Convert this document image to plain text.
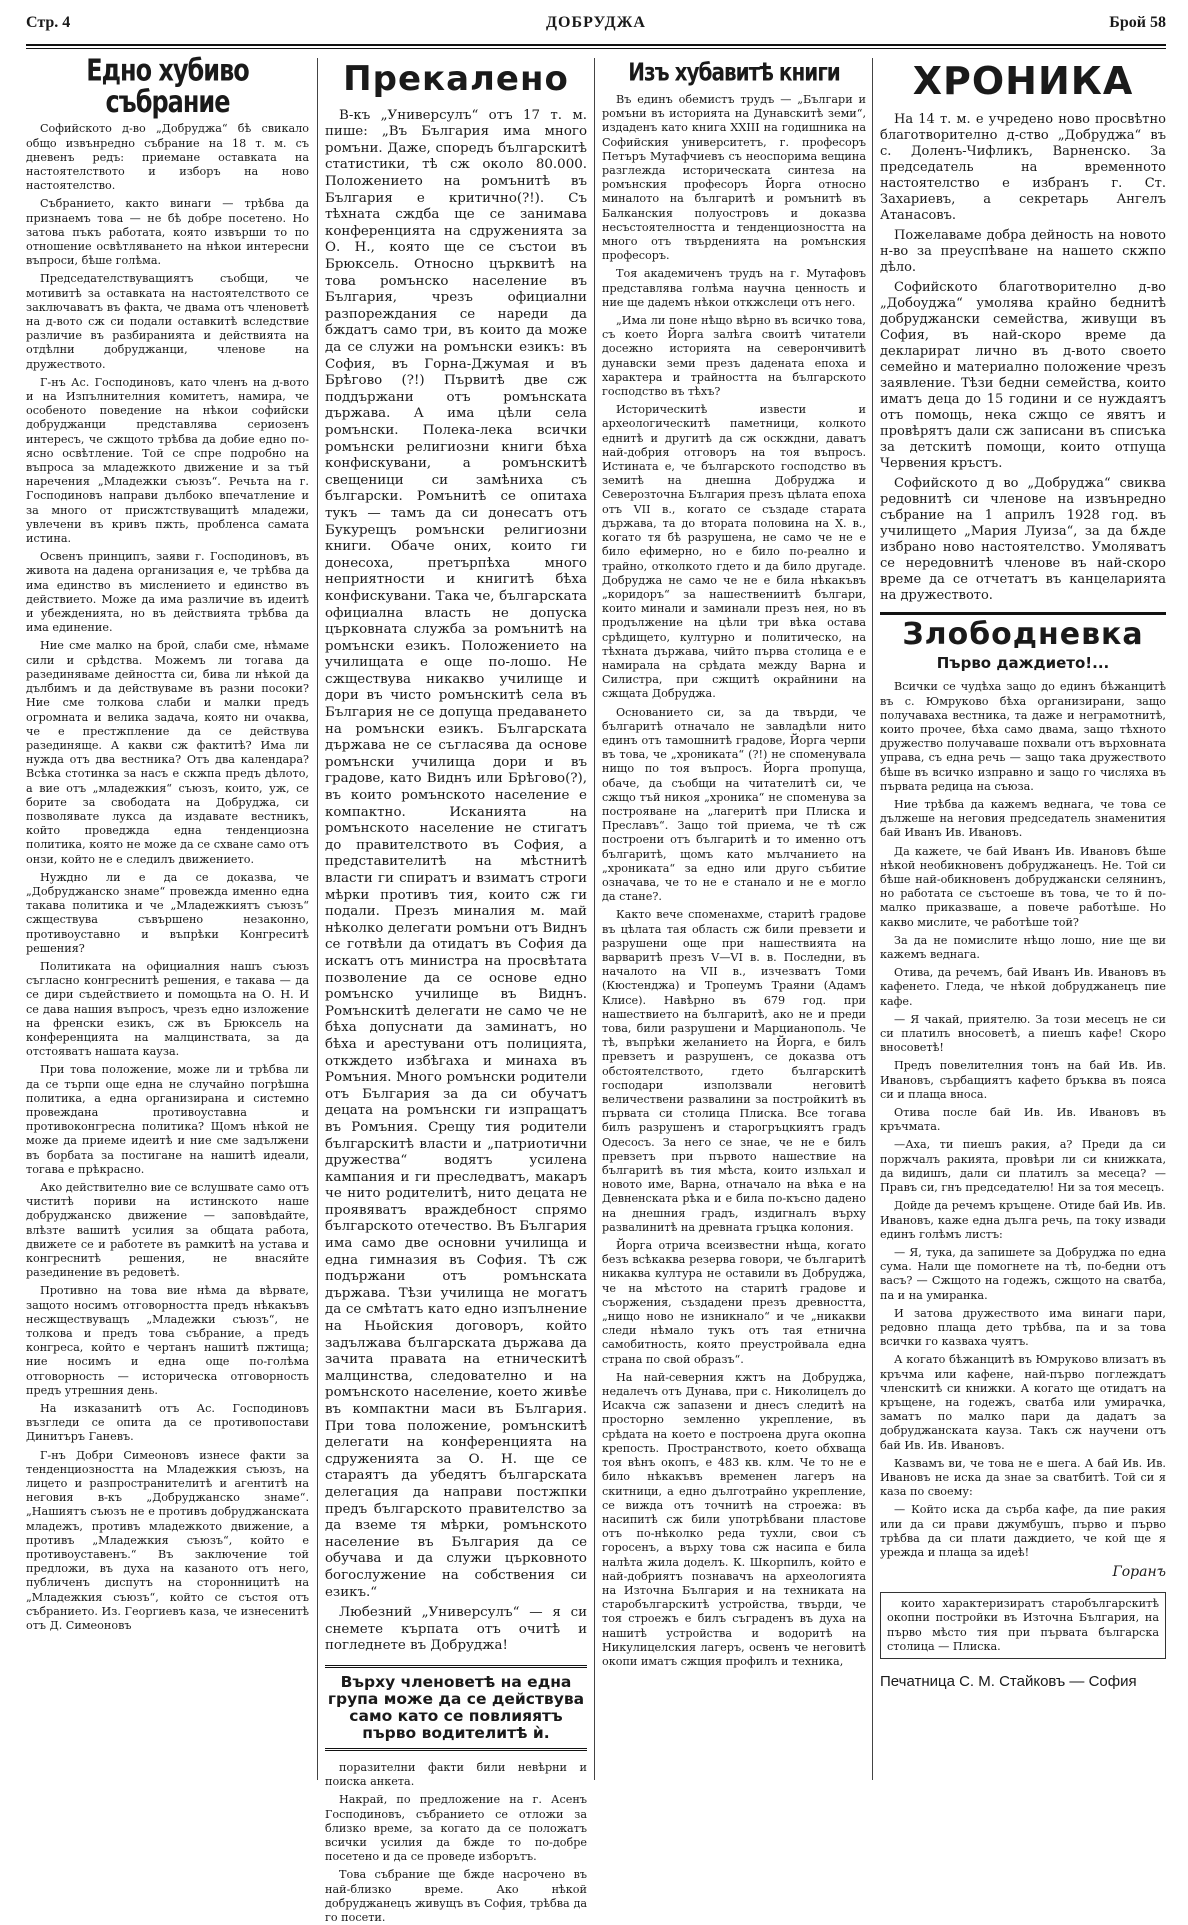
Стр. 4	ДОБРУДЖА	Брой 58
Едно хубиво събрание

Софийското д-во „Добруджа“ бѣ свикало общо извънредно събрание на 18 т. м. съ дневенъ редъ: приемане оставката на настоятелството и изборъ на ново настоятелство.

Събранието, както винаги — трѣбва да признаемъ това — не бѣ добре посетено. Но затова пъкъ работата, която извърши то по отношение освѣтляването на нѣкои интересни въпроси, бѣше голѣма.

Председателствуващиятъ съобщи, че мотивитѣ за оставката на настоятелството се заключаватъ въ факта, че двама отъ членоветѣ на д-вото сж си подали оставкитѣ вследствие различие въ разбиранията и действията на отдѣлни добруджанци, членове на дружеството.

Г-нъ Ас. Господиновъ, като членъ на д-вото и на Изпълнителния комитетъ, намира, че особеното поведение на нѣкои софийски добруджанци представлява сериозенъ интересъ, че сжщото трѣбва да добие едно по-ясно освѣтление. Той се спре подробно на въпроса за младежкото движение и за тъй наречения „Младежки съюзъ“. Речьта на г. Господиновъ направи дълбоко впечатление и за много от присжтствуващитѣ младежи, увлечени въ кривъ пжть, пробленса самата истина.

Освенъ принципъ, заяви г. Господиновъ, въ живота на дадена организация е, че трѣбва да има единство въ мислението и единство въ действието. Може да има различие въ идеитѣ и убежденията, но въ действията трѣбва да има единение.

Ние сме малко на брой, слаби сме, нѣмаме сили и срѣдства. Можемъ ли тогава да разединяваме дейността си, бива ли нѣкой да дълбимъ и да действуваме въ разни посоки? Ние сме толкова слаби и малки предъ огромната и велика задача, която ни очаква, че е престжпление да се действува разединяще. А какви сж фактитѣ? Има ли нужда отъ два вестника? Отъ два календара? Всѣка стотинка за насъ е скжпа предъ дѣлото, а вие отъ „младежкия“ съюзъ, които, уж, се борите за свободата на Добруджа, си позволявате лукса да издавате вестникъ, който проведжда една тенденциозна политика, която не може да се схване само отъ онзи, който не е следилъ движението.

Нуждно ли е да се доказва, че „Добруджанско знаме“ провежда именно една такава политика и че „Младежкиятъ съюзъ“ сжществува съвършено незаконно, противоуставно и въпрѣки Конгреситѣ решения?

Политиката на официалния нашъ съюзъ съгласно конгреснитѣ решения, е такава — да се дири съдействието и помощьта на О. Н. И се дава нашия въпросъ, чрезъ едно изложение на френски езикъ, сж въ Брюксель на конференцията на малцинствата, за да отстояватъ нашата кауза.

При това положение, може ли и трѣбва ли да се търпи още една не случайно погрѣшна политика, а една организирана и системно провеждана противоуставна и противоконгресна политика? Щомъ нѣкой не може да приеме идеитѣ и ние сме задължени въ борбата за постигане на нашитѣ идеали, тогава е прѣкрасно.

Ако действително вие се вслушвате само отъ чиститѣ пориви на истинското наше добруджанско движение — заповѣдайте, влѣзте вашитѣ усилия за общата работа, движете се и работете въ рамкитѣ на устава и конгреснитѣ решения, не внасяйте разединение въ редоветѣ.

Противно на това вие нѣма да вѣрвате, защото носимъ отговорността предъ нѣкакъвъ несжществуващъ „Младежки съюзъ“, не толкова и предъ това събрание, а предъ конгреса, който е чертанъ нашитѣ пжтища; ние носимъ и една още по-голѣма отговорность — историческа отговорность предъ утрешния день.

На изказанитѣ отъ Ас. Господиновъ възгледи се опита да се противопостави Динитъръ Ганевъ.

Г-нъ Добри Симеоновъ изнесе факти за тенденциозността на Младежкия съюзъ, на лицето и разпространителитѣ и агентитѣ на неговия в-къ „Добруджанско знаме“. „Нашиятъ съюзъ не е противъ добруджанската младежъ, противъ младежкото движение, а противъ „Младежкия съюзъ“, който е противоуставенъ.“ Въ заключение той предложи, въ духа на казаното отъ него, публиченъ диспутъ на сторонницитѣ на „Младежкия съюзъ“, който се състоя отъ събранието. Из. Георгиевъ каза, че изнесенитѣ отъ Д. Симеоновъ

Прекалено

В-къ „Универсулъ“ отъ 17 т. м. пише: „Въ България има много ромъни. Даже, споредъ българскитѣ статистики, тѣ сж около 80.000. Положението на ромънитѣ въ България е критично(?!). Съ тѣхната сждба ще се занимава конференцията на сдруженията за О. Н., която ще се състои въ Брюксель. Относно църквитѣ на това ромънско население въ България, чрезъ официални разпореждания се нареди да бждатъ само три, въ които да може да се служи на ромънски езикъ: въ София, въ Горна-Джумая и въ Брѣгово (?!) Първитѣ две сж поддържани отъ ромънската държава. А има цѣли села ромънски. Полека-лека всички ромънски религиозни книги бѣха конфискувани, а ромънскитѣ свещеници си замѣниха съ български. Ромънитѣ се опитаха тукъ — тамъ да си донесатъ отъ Букурещъ ромънски религиозни книги. Обаче оних, които ги донесоха, претърпѣха много неприятности и книгитѣ бѣха конфискувани. Така че, българската официална власть не допуска църковната служба за ромънитѣ на ромънски езикъ. Положението на училищата е още по-лошо. Не сжществува никакво училище и дори въ чисто ромънскитѣ села въ България не се допуща предаването на ромънски езикъ. Българската държава не се съгласява да основе ромънски училища дори и въ градове, като Виднъ или Брѣгово(?), въ които ромънското население е компактно. Исканията на ромънското население не стигатъ до правителството въ София, а представителитѣ на мѣстнитѣ власти ги спиратъ и взиматъ строги мѣрки противъ тия, които сж ги подали. Презъ миналия м. май нѣколко делегати ромъни отъ Виднъ се готвѣли да отидатъ въ София да искатъ отъ министра на просвѣтата позволение да се основе едно ромънско училище въ Виднъ. Ромънскитѣ делегати не само че не бѣха допуснати да заминатъ, но бѣха и арестувани отъ полицията, откждето избѣгаха и минаха въ Ромъния. Много ромънски родители отъ България за да си обучатъ децата на ромънски ги изпращатъ въ Ромъния. Срещу тия родители българскитѣ власти и „патриотични дружества“ водятъ усилена кампания и ги преследватъ, макаръ че нито родителитѣ, нито децата не проявяватъ враждебност спрямо българското отечество. Въ България има само две основни училища и една гимназия въ София. Тѣ сж подържани отъ ромънската държава. Тѣзи училища не могатъ да се смѣтатъ като едно изпълнение на Ньойския договоръ, който задължава българската държава да зачита правата на етническитѣ малцинства, следователно и на ромънското население, което живѣе въ компактни маси въ България. При това положение, ромънскитѣ делегати на конференцията на сдруженията за О. Н. ще се стараятъ да убедятъ българската делегация да направи постжпки предъ българското правителство за да вземе тя мѣрки, ромънското население въ България да се обучава и да служи църковното богослужение на собствения си езикъ.“

Любезний „Универсулъ“ — я си снемете кърпата отъ очитѣ и погледнете въ Добруджа!

Върху членоветѣ на една група може да се действува само като се повлияятъ първо водителитѣ ѝ.

поразителни факти били невѣрни и поиска анкета.

Накрай, по предложение на г. Асенъ Господиновъ, събранието се отложи за близко време, за когато да се положатъ всички усилия да бжде то по-добре посетено и да се проведе изборътъ.

Това събрание ще бжде насрочено въ най-близко време. Ако нѣкой добруджанецъ живущъ въ София, трѣбва да го посети.

Изъ хубавитѣ книги

Въ единъ обемистъ трудъ — „Българи и ромъни въ историята на Дунавскитѣ земи“, издаденъ като книга XXIII на годишника на Софийския университетъ, г. професоръ Петъръ Мутафчиевъ съ неоспорима вещина разглежда историческата синтеза на ромънския професоръ Йорга относно миналото на българитѣ и ромънитѣ въ Балканския полуостровъ и доказва несъстоятелността и тенденциозността на много отъ твърденията на ромънския професоръ.

Тоя академиченъ трудъ на г. Мутафовъ представлява голѣма научна ценность и ние ще дадемъ нѣкои откжслеци отъ него.

„Има ли поне нѣщо вѣрно въ всичко това, съ което Йорга залѣга своитѣ читатели досежно историята на северончивитѣ дунавски земи презъ дадената епоха и характера и трайността на българското господство въ тѣхъ?

Историческитѣ извести и археологическитѣ паметници, колкото еднитѣ и другитѣ да сж оскждни, даватъ най-добрия отговоръ на тоя въпросъ. Истината е, че българското господство въ земитѣ на днешна Добруджа и Северозточна България презъ цѣлата епоха отъ VII в., когато се създаде старата държава, та до втората половина на X. в., когато тя бѣ разрушена, не само че не е било ефимерно, но е било по-реално и трайно, отколкото гдето и да било другаде. Добруджа не само че не е била нѣкакъвъ „коридоръ“ за нашествениитѣ българи, които минали и заминали презъ нея, но въ продължение на цѣли три вѣка остава срѣдището, културно и политическо, на тѣхната държава, чийто първа столица е е намирала на срѣдата между Варна и Силистра, при сжщитѣ окрайнини на сжщата Добруджа.

Основанието си, за да твърди, че българитѣ отначало не завладѣли нито единъ отъ тамошнитѣ градове, Йорга черпи въ това, че „хрониката“ (?!) не споменувала нищо по тоя въпросъ. Йорга пропуща, обаче, да съобщи на читателитѣ си, че сжщо тъй никоя „хроника“ не споменува за построяване на „лагеритѣ при Плиска и Преславъ“. Защо той приема, че тѣ сж построени отъ българитѣ и то именно отъ българитѣ, щомъ като мълчанието на „хрониката“ за едно или друго събитие означава, че то не е станало и не е могло да стане?.

Както вече споменахме, старитѣ градове въ цѣлата тая область сж били превзети и разрушени още при нашествията на варваритѣ презъ V—VI в. в. Последни, въ началото на VII в., изчезватъ Томи (Кюстенджа) и Тропеумъ Траяни (Адамъ Клисе). Навѣрно въ 679 год. при нашествието на българитѣ, ако не и преди това, били разрушени и Марцианополь. Че тѣ, въпрѣки желанието на Йорга, е билъ превзетъ и разрушенъ, се доказва отъ обстоятелството, гдето българскитѣ господари използвали неговитѣ величествени развалини за постройкитѣ въ първата си столица Плиска. Все тогава билъ разрушенъ и старогръцкиятъ градъ Одесосъ. За него се знае, че не е билъ превзетъ при първото нашествие на българитѣ въ тия мѣста, които изльхал и новото име, Варна, отначало на вѣка е на Девненската рѣка и е била по-късно дадено на днешния градъ, издигналъ върху развалинитѣ на древната гръцка колония.

Йорга отрича всеизвестни нѣща, когато безъ всѣкаква резерва говори, че българитѣ никаква култура не оставили въ Добруджа, че на мѣстото на старитѣ градове и съоржения, създадени презъ древността, „нищо ново не изникнало“ и че „никакви следи нѣмало тукъ отъ тая етнична самобитность, която преустройвала една страна по свой образъ“.

На най-северния кжтъ на Добруджа, недалечъ отъ Дунава, при с. Николицелъ до Исакча сж запазени и днесъ следитѣ на просторно земленно укрепление, въ срѣдата на което е построена друга окопна крепость. Пространството, което обхваща тоя вѣнъ окопъ, е 483 кв. клм. Че то не е било нѣкакъвъ временен лагеръ на скитници, а едно дълготрайно укрепление, се вижда отъ точнитѣ на строежа: въ насипитѣ сж били употрѣбвани пластове отъ по-нѣколко реда тухли, свои съ горосенъ, а върху това сж насипа е била налѣта жила доделъ. К. Шкорпилъ, който е най-добриятъ познавачъ на археологията на Източна България и на техниката на старобългарскитѣ устройства, твърди, че тоя строежъ е билъ съграденъ въ духа на нашитѣ устройства и водоритѣ на Никулицелския лагеръ, освенъ че неговитѣ окопи иматъ сжщия профилъ и техника,

ХРОНИКА

На 14 т. м. е учредено ново просвѣтно благотворително д-ство „Добруджа“ въ с. Доленъ-Чифликъ, Варненско. За председатель на временното настоятелство е избранъ г. Ст. Захариевъ, а секретарь Ангелъ Атанасовъ.

Пожелаваме добра дейность на новото н-во за преуспѣване на нашето скжпо дѣло.

Софийското благотворително д-во „Добоуджа“ умолява крайно беднитѣ добруджански семейства, живущи въ София, въ най-скоро време да декларират лично въ д-вото своето семейно и материално положение чрезъ заявление. Тѣзи бедни семейства, които иматъ деца до 15 години и се нуждаятъ отъ помощь, нека сжщо се явятъ и провѣрятъ дали сж записани въ списъка за детскитѣ помощи, които отпуща Червения кръстъ.

Софийското д во „Добруджа“ свиква редовнитѣ си членове на извънредно събрание на 1 априлъ 1928 год. въ училището „Мария Луиза“, за да бѫде избрано ново настоятелство. Умоляватъ се нередовнитѣ членове въ най-скоро време да се отчетатъ въ канцеларията на дружеството.

Злободневка
Първо даждието!...

Всички се чудѣха защо до единъ бѣжанцитѣ въ с. Юмруково бѣха организирани, защо получаваха вестника, та даже и неграмотнитѣ, които прочее, бѣха само двама, защо тѣхното дружество получаваше похвали отъ върховната управа, съ една речь — защо така дружеството бѣше въ всичко изправно и защо го числяха въ първата редица на съюза.

Ние трѣбва да кажемъ веднага, че това се дължеше на неговия председатель знаменития бай Иванъ Ив. Ивановъ.

Да кажете, че бай Иванъ Ив. Ивановъ бѣше нѣкой необикновенъ добруджанецъ. Не. Той си бѣше най-обикновенъ добруджански селянинъ, но работата се състоеше въ това, че то й по-малко приказваше, а повече работѣше. Но какво мислите, че работѣше той?

За да не помислите нѣщо лошо, ние ще ви кажемъ веднага.

Отива, да речемъ, бай Иванъ Ив. Ивановъ въ кафенето. Гледа, че нѣкой добруджанецъ пие кафе.

— Я чакай, приятелю. За този месецъ не си си платилъ вносоветѣ, а пиешъ кафе! Скоро вносоветѣ!

Предъ повелителния тонъ на бай Ив. Ив. Ивановъ, сърбащиятъ кафето бръква въ пояса си и плаща вноса.

Отива после бай Ив. Ив. Ивановъ въ кръчмата.

—Аха, ти пиешъ ракия, а? Преди да си поржчалъ ракията, провѣри ли си книжката, да видишъ, дали си платилъ за месеца? — Правъ си, гнъ председателю! Ни за тоя месецъ.

Дойде да речемъ кръщене. Отиде бай Ив. Ив. Ивановъ, каже една дълга речь, па току извади единъ голѣмъ листъ:

— Я, тука, да запишете за Добруджа по една сума. Нали ще помогнете на тѣ, по-бедни отъ васъ? — Сжщото на годежъ, сжщото на сватба, па и на умиранка.

И затова дружеството има винаги пари, редовно плаща дето трѣбва, па и за това всички го казваха чуятъ.

А когато бѣжанцитѣ въ Юмруково влизатъ въ кръчма или кафене, най-първо поглеждатъ членскитѣ си книжки. А когато ще отидатъ на кръщене, на годежъ, сватба или умирачка, заматъ по малко пари да дадатъ за добруджанската кауза. Такъ сж научени отъ бай Ив. Ив. Ивановъ.

Казвамъ ви, че това не е шега. А бай Ив. Ив. Ивановъ не иска да знае за сватбитѣ. Той си я каза по своему:

— Който иска да сърба кафе, да пие ракия или да си прави джумбушъ, първо и първо трѣбва да си плати даждието, че кой ще я урежда и плаща за идеѣ!

Горанъ

които характеризиратъ старобългарскитѣ окопни постройки въ Източна България, на първо мѣсто тия при първата българска столица — Плиска.

Печатница С. М. Стайковъ — София
